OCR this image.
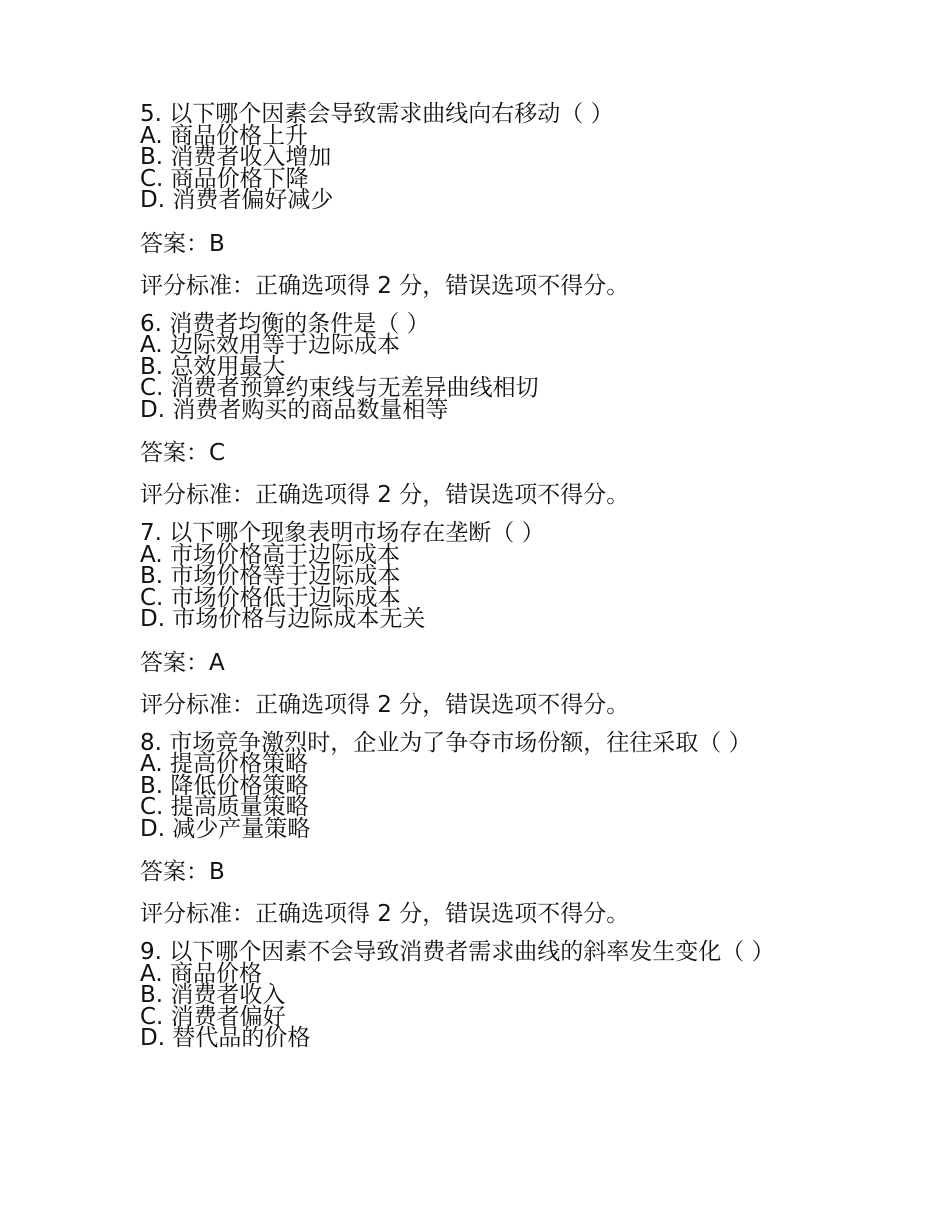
5. 以下哪个因素会导致需求曲线向右移动（ ）

A. 商品价格上升

B. 消费者收入增加

C. 商品价格下降

D. 消费者偏好减少

答案：B

评分标准：正确选项得 2 分，错误选项不得分。

6. 消费者均衡的条件是（ ）

A. 边际效用等于边际成本

B. 总效用最大

C. 消费者预算约束线与无差异曲线相切

D. 消费者购买的商品数量相等

答案：C

评分标准：正确选项得 2 分，错误选项不得分。

7. 以下哪个现象表明市场存在垄断（ ）

A. 市场价格高于边际成本

B. 市场价格等于边际成本

C. 市场价格低于边际成本

D. 市场价格与边际成本无关

答案：A

评分标准：正确选项得 2 分，错误选项不得分。

8. 市场竞争激烈时，企业为了争夺市场份额，往往采取（ ）

A. 提高价格策略

B. 降低价格策略

C. 提高质量策略

D. 减少产量策略

答案：B

评分标准：正确选项得 2 分，错误选项不得分。

9. 以下哪个因素不会导致消费者需求曲线的斜率发生变化（ ）

A. 商品价格

B. 消费者收入

C. 消费者偏好

D. 替代品的价格
